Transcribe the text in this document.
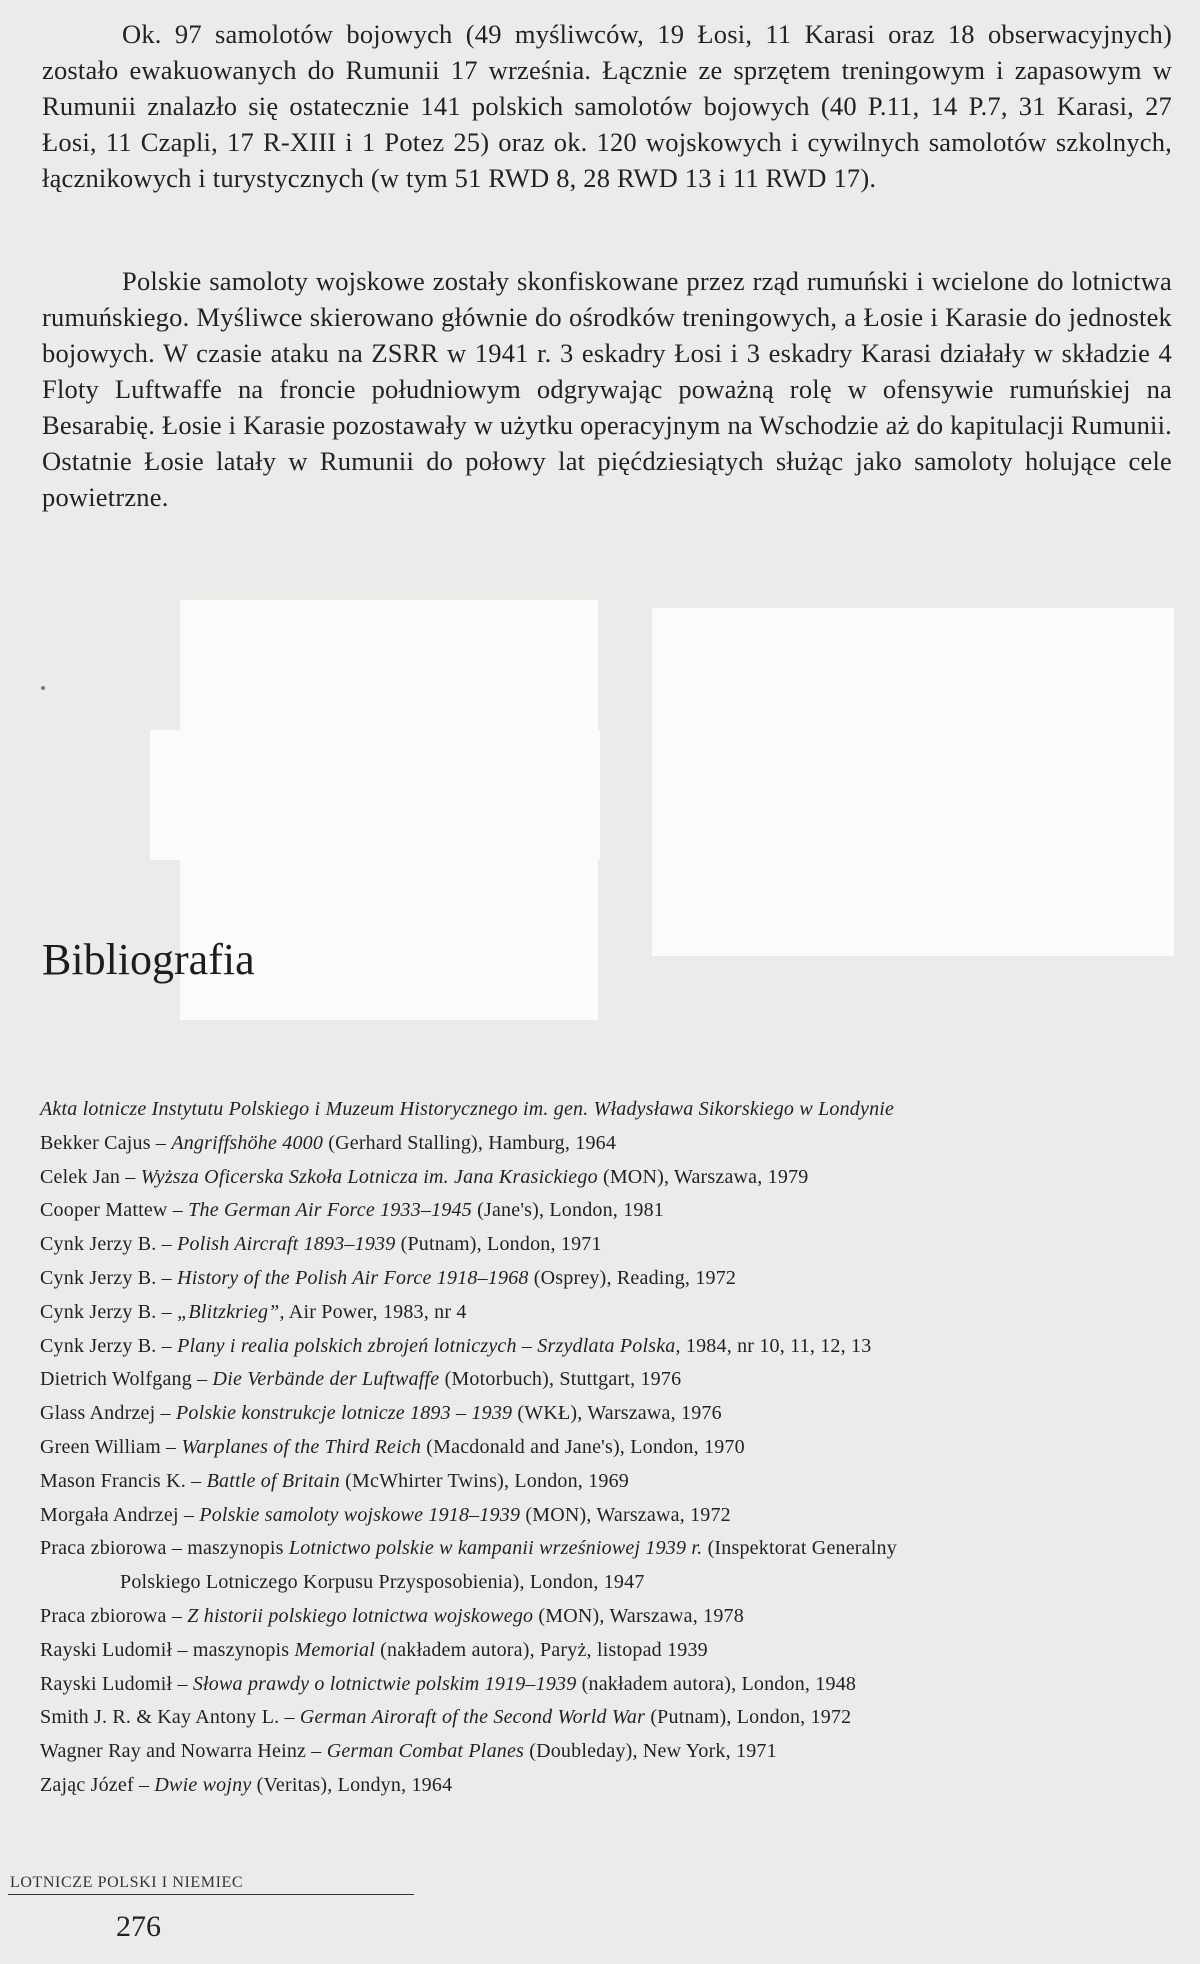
Ok. 97 samolotów bojowych (49 myśliwców, 19 Łosi, 11 Karasi oraz 18 obserwacyjnych) zostało ewakuowanych do Rumunii 17 września. Łącznie ze sprzętem treningowym i zapasowym w Rumunii znalazło się ostatecznie 141 polskich samolotów bojowych (40 P.11, 14 P.7, 31 Karasi, 27 Łosi, 11 Czapli, 17 R-XIII i 1 Potez 25) oraz ok. 120 wojskowych i cywilnych samolotów szkolnych, łącznikowych i turystycznych (w tym 51 RWD 8, 28 RWD 13 i 11 RWD 17).

Polskie samoloty wojskowe zostały skonfiskowane przez rząd rumuński i wcielone do lotnictwa rumuńskiego. Myśliwce skierowano głównie do ośrodków treningowych, a Łosie i Karasie do jednostek bojowych. W czasie ataku na ZSRR w 1941 r. 3 eskadry Łosi i 3 eskadry Karasi działały w składzie 4 Floty Luftwaffe na froncie południowym odgrywając poważną rolę w ofensywie rumuńskiej na Besarabię. Łosie i Karasie pozostawały w użytku operacyjnym na Wschodzie aż do kapitulacji Rumunii. Ostatnie Łosie latały w Rumunii do połowy lat pięćdziesiątych służąc jako samoloty holujące cele powietrzne.

Bibliografia
Akta lotnicze Instytutu Polskiego i Muzeum Historycznego im. gen. Władysława Sikorskiego w Londynie
Bekker Cajus – Angriffshöhe 4000 (Gerhard Stalling), Hamburg, 1964
Celek Jan – Wyższa Oficerska Szkoła Lotnicza im. Jana Krasickiego (MON), Warszawa, 1979
Cooper Mattew – The German Air Force 1933–1945 (Jane's), London, 1981
Cynk Jerzy B. – Polish Aircraft 1893–1939 (Putnam), London, 1971
Cynk Jerzy B. – History of the Polish Air Force 1918–1968 (Osprey), Reading, 1972
Cynk Jerzy B. – „Blitzkrieg”, Air Power, 1983, nr 4
Cynk Jerzy B. – Plany i realia polskich zbrojeń lotniczych – Srzydlata Polska, 1984, nr 10, 11, 12, 13
Dietrich Wolfgang – Die Verbände der Luftwaffe (Motorbuch), Stuttgart, 1976
Glass Andrzej – Polskie konstrukcje lotnicze 1893 – 1939 (WKŁ), Warszawa, 1976
Green William – Warplanes of the Third Reich (Macdonald and Jane's), London, 1970
Mason Francis K. – Battle of Britain (McWhirter Twins), London, 1969
Morgała Andrzej – Polskie samoloty wojskowe 1918–1939 (MON), Warszawa, 1972
Praca zbiorowa – maszynopis Lotnictwo polskie w kampanii wrześniowej 1939 r. (Inspektorat Generalny
Polskiego Lotniczego Korpusu Przysposobienia), London, 1947
Praca zbiorowa – Z historii polskiego lotnictwa wojskowego (MON), Warszawa, 1978
Rayski Ludomił – maszynopis Memorial (nakładem autora), Paryż, listopad 1939
Rayski Ludomił – Słowa prawdy o lotnictwie polskim 1919–1939 (nakładem autora), London, 1948
Smith J. R. & Kay Antony L. – German Airoraft of the Second World War (Putnam), London, 1972
Wagner Ray and Nowarra Heinz – German Combat Planes (Doubleday), New York, 1971
Zając Józef – Dwie wojny (Veritas), Londyn, 1964
LOTNICZE POLSKI I NIEMIEC
276
